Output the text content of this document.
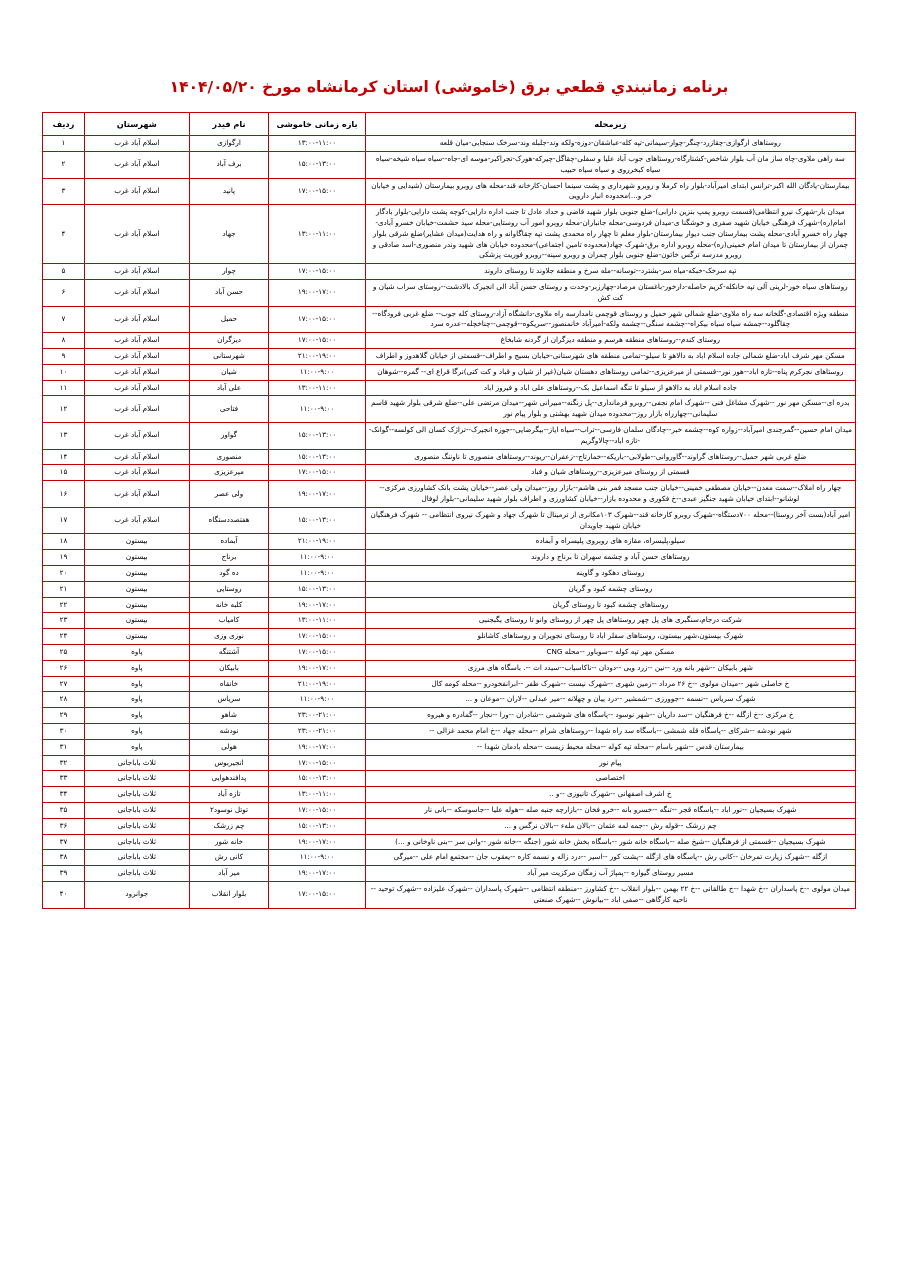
برنامه زمانبندي قطعي برق (خاموشی) استان کرمانشاه مورخ ۱۴۰۴/۰۵/۲۰
زیرمحله	بازه زمانی خاموشی	نام فیدر	شهرستان	ردیف
روستاهای ارگوازی-چقازرد-چنگر-چوار-سیمانی-تپه کله-عباشقان-دوزه-ولکه وند-جلبله وند-سرخک سنجابی-میان قلعه	۱۳:۰۰-۱۱:۰۰	ارگوازی	اسلام آباد غرب	۱
سه راهی ملاوی-چاه ساز مان آب بلوار شاخص-کشتارگاه-روستاهای جوب آباد علیا و سفلی-چقاگل-چیرکه-هورک-تجراکبر-موسه ای-جاه--سیاه سیاه شیخه-سیاه سیاه کبخرروی و سیاه سیاه حبیب	۱۵:۰۰-۱۳:۰۰	برف آباد	اسلام آباد غرب	۲
بیمارستان-یادگان الله اکبر-ترانس ابتدای امیرآباد-بلوار راه کرملا و روبرو شهرداری و پشت سینما احسان-کارخانه قند-محله های روبرو بیمارستان (شیدایی و خیابان خر و...)محدوده انبار دارویی	۱۷:۰۰-۱۵:۰۰	پانید	اسلام آباد غرب	۳
میدان بار-شهرک نیرو انتظامی(قسمت روبرو پمپ بنزین دارابی)-ضلع جنوبی بلوار شهید قاضی و حداد عادل تا جنب اداره دارایی-کوچه پشت دارایی-بلوار بادگار امام(ره)-شهرک فرهنگی خیابان شهید صفری و خوشگنا ی-میدان فردوسی-محله جانباران-محله روبرو امور آب روستایی-محله سید حشمت-خیابان خسرو آبادی-چهار راه خسرو آبادی-محله پشت بیمارستان جنب دیوار بیمارستان-بلوار معلم تا چهار راه محمدی پشت تپه چقاگاوانه و راه هدایت(میدان عشایر)ضلع شرقی بلوار چمران از بیمارستان تا میدان امام خمینی(ره)-محله روبرو اداره برق-شهرک جهاد(محدوده تامین اجتماعی)-محدوده خیابان های شهید وندر منصوری-اسد صادقی و روبرو مدرسه نرگس خاتون-ضلع جنوبی بلوار چمران و روبرو سینه--روبرو فوریت پزشکی	۱۳:۰۰-۱۱:۰۰	جهاد	اسلام آباد غرب	۴
تپه سرخک-خبکه-میاه سر-بشترد--توسانه--مله سرخ و منطقه جلاوند تا روستای داروند	۱۷:۰۰-۱۵:۰۰	چوار	اسلام آباد غرب	۵
روستاهای سیاه خور-لرینی آلی تپه خانکله-کریم حاصله-دارخور-باغستان مرصاد-چهارزبر-وحدت و روستای حسن آباد الی انجیرک بالادشت--روستای سراب شیان و کت کش	۱۹:۰۰-۱۷:۰۰	حسن آباد	اسلام آباد غرب	۶
منطقه ویژه اقتصادی-گلخانه سه راه ملاوی-ضلع شمالی شهر حمیل و روستای قوچمی نامدارسه راه ملاوی-دانشگاه آزاد-روستای کله جوب-- ضلع غربی فرودگاه--چقاگلود--جمشه سیاه سیاه بیکراه--چشمه سنگی--چشمه ولکه-امیرآباد خانمنصور--سریکوه--قوچمی--چناخچله--عدره سرد	۱۷:۰۰-۱۵:۰۰	حمیل	اسلام آباد غرب	۷
روستای کندم--روستاهای منطقه هرسم و منطقه دیزگران از گردنه شابخاغ	۱۷:۰۰-۱۵:۰۰	دیزگران	اسلام آباد غرب	۸
مسکن مهر شرف اباد-ضلع شمالی جاده اسلام اباد به دالاهو تا سیلو--تمامی منطقه های شهرستانی-خیابان بسیج و اطراف--قسمتی از خیابان گلاهدوز و اطراف	۲۱:۰۰-۱۹:۰۰	شهرستانی	اسلام آباد غرب	۹
روستاهای نجرکرم پناه--تازه اباد--هور نور--قسمتی از میرعزیزی--تمامی روستاهای دهستان شیان(غیر از شیان و قباد و کت کتی)نرگا قراع ای-- گمره--شوهان	۱۱:۰۰-۹:۰۰	شیان	اسلام آباد غرب	۱۰
جاده اسلام اباد به دالاهو از سیلو تا تنگه اسماعیل بک--روستاهای علی اباد و فیروز اباد	۱۳:۰۰-۱۱:۰۰	علی آباد	اسلام آباد غرب	۱۱
بدره ای--مسکن مهر نور --شهرک مشاغل فنی --شهرک امام نجفی--روبرو فرمانداری--پل زنگنه--مبیرانی شهر--میدان مرتضی علی--ضلع شرقی بلوار شهید قاسم سلیمانی--چهارراه بازار روز--محدوده میدان شهید بهشتی و بلوار پیام نور	۱۱:۰۰-۹:۰۰	فتاحی	اسلام آباد غرب	۱۲
میدان امام حسین--گمرجندی امیرآباد--زواره کوه--چشمه خبر--چادگان سلمان فارسی--تراب--سیاه ایاز--بیگرضایی--جوزه انجیرک--تراژک کسان الی کولسه--گوانک--تازه اباد--چالاوگریم	۱۵:۰۰-۱۳:۰۰	گواور	اسلام آباد غرب	۱۳
ضلع غربی شهر حمیل--روستاهای گراوند--گاوروانی--طولابی--باریکه--خمارتاج--زعفران--ریوند--روستاهای منصوری تا ناوننگ منصوری	۱۵:۰۰-۱۳:۰۰	منصوری	اسلام آباد غرب	۱۴
قسمتی از روستای میرعزیزی--روستاهای شیان و قباد	۱۷:۰۰-۱۵:۰۰	میرعزیزی	اسلام آباد غرب	۱۵
چهار راه املاک--سمت معدن--خیابان مصطفی خمینی--خیابان جنب مسجد قمر بنی هاشم--بازار روز--میدان ولی عصر--خیابان پشت بانک کشاورزی مرکزی-- لوشانو--ابتدای خیابان شهید جنگیز عبدی--خ فکوری و محدوده بازار--خیابان کشاورزی و اطراف بلوار شهید سلیمانی--بلوار لوفال	۱۹:۰۰-۱۷:۰۰	ولی عصر	اسلام آباد غرب	۱۶
امیر آباد(بست آخر روستا)--محله ۷۰۰دستگاه--شهرک روبرو کارخانه قند--شهرک ۱۰۳مکانری از ترمینال تا شهرک جهاد و شهرک نیروی انتظامی -- شهرک فرهنگیان خیابان شهید جاویدان	۱۵:۰۰-۱۳:۰۰	هفتصددستگاه	اسلام آباد غرب	۱۷
سیلو،پلیسراه، مقازه های روبروی پلیسراه و آبماده	۲۱:۰۰-۱۹:۰۰	آبماده	بیستون	۱۸
روستاهای حسن آباد و چشمه سهران تا برناج و داروند	۱۱:۰۰-۹:۰۰	برناج	بیستون	۱۹
روستای دهکود و گاوینه	۱۱:۰۰-۹:۰۰	ده گود	بیستون	۲۰
روستای چشمه کبود و گریان	۱۵:۰۰-۱۳:۰۰	روستایی	بیستون	۲۱
روستاهای چشمه کبود تا روستای گریان	۱۹:۰۰-۱۷:۰۰	کلبه خانه	بیستون	۲۲
شرکت درجام،سنگبری های پل چهر روستاهای پل چهر از روستای وانو تا روستای یگبجنبی	۱۳:۰۰-۱۱:۰۰	کامیاب	بیستون	۲۳
شهرک بیستون،شهر بیستون، روستاهای سفلر اباد تا روستای نجویران و روستاهای کاشانلو	۱۷:۰۰-۱۵:۰۰	نوزی وزی	بیستون	۲۴
مسکن مهر تپه کوله --سوباور --محله CNG	۱۷:۰۰-۱۵:۰۰	آشتنگه	پاوه	۲۵
شهر بابیکان --شهر بانه ورد --نین --زرد ویی --دودان --ناکاسیاب--سیدد ات --. باسگاه های مرزی	۱۹:۰۰-۱۷:۰۰	بابیکان	پاوه	۲۶
خ حاصلی شهر --میدان مولوی --خ ۲۶ مرداد --زمین شهری --شهرک نیست --شهرک ظفر --ابرانفخودرو --محله کومه کال	۲۱:۰۰-۱۹:۰۰	خانقاه	پاوه	۲۷
شهرک سریاس --نسمه --جوورزی --شمشیر --درد ییان و چهلانه --میر عبدلی --لاران --موعان و ...	۱۱:۰۰-۹:۰۰	سریاس	پاوه	۲۸
خ مرکزی --خ ازگله --خ فرهنگیان --سد داریان --شهر نوسود --پاسگاه های شوشمی --شادران --ورا --نجار --گمادره و هیروه	۲۳:۰۰-۲۱:۰۰	شاهو	پاوه	۲۹
شهر نودشه --شرکای --پاسگاه قله شمشی --باسگاه سد راه شهدا --روستاهای شرام --محله جهاد --خ امام محمد غزالی --	۲۳:۰۰-۲۱:۰۰	نودشه	پاوه	۳۰
بیمارستان قدس --شهر باسام --محله تپه کوله --محله محیط زیست --محله بادمان شهدا --	۱۹:۰۰-۱۷:۰۰	هولی	پاوه	۳۱
پیام نور	۱۷:۰۰-۱۵:۰۰	انجیربوس	ثلاث باباجانی	۳۲
اختصاصی	۱۵:۰۰-۱۳:۰۰	پدافندهوایی	ثلاث باباجانی	۳۳
خ اشرف اصفهانی --شهرک تانیوزی --و ..	۱۳:۰۰-۱۱:۰۰	تازه آباد	ثلاث باباجانی	۳۴
شهرک بسیجیان --نور اباد --پاسگاه قجر --تنگه --خسرو بانه --خرو فخان --بازارچه جنبه صله --هوله علیا --جاسوسکه --بانی نار	۱۷:۰۰-۱۵:۰۰	توتل نوسود۲	ثلاث باباجانی	۳۵
چم زرشک --قوله رش --جمه لمه عثمان --بالان ملهء --بالان نرگس و ...	۱۵:۰۰-۱۳:۰۰	چم زرشک	ثلاث باباجانی	۳۶
شهرک بسیجیان --قسمتی از فرهنگیان --شیخ صله --باسگاه خانه شور --باسگاه بخش خانه شور (جنگه --خانه شور --وانی سر --بنی ناوخانی و ...)	۱۹:۰۰-۱۷:۰۰	خانه شور	ثلاث باباجانی	۳۷
ازگله --شهرک زیارت تمرخان --کانی رش --پاسگاه های ازگله --پشت کور --اسیر --درد زاله و نسمه کاره --یعقوب جان --مجتمع امام علی --میرگی	۱۱:۰۰-۹:۰۰	کانی رش	ثلاث باباجانی	۳۸
مسیر روستای گیواره --پمپاژ آب زمگان مرکزیت میر آباد	۱۹:۰۰-۱۷:۰۰	میر آباد	ثلاث باباجانی	۳۹
میدان مولوی --خ پاسداران --خ شهدا --خ طالقانی --خ ۲۲ بهمن --بلوار انقلاب --خ کشاورز --منطقه انتظامی --شهرک پاسداران --شهرک علیزاده --شهرک توحید --ناحیه کارگاهی --صفی اباد --بیانوش --شهرک صنعتی	۱۷:۰۰-۱۵:۰۰	بلوار انقلاب	جوانرود	۴۰
